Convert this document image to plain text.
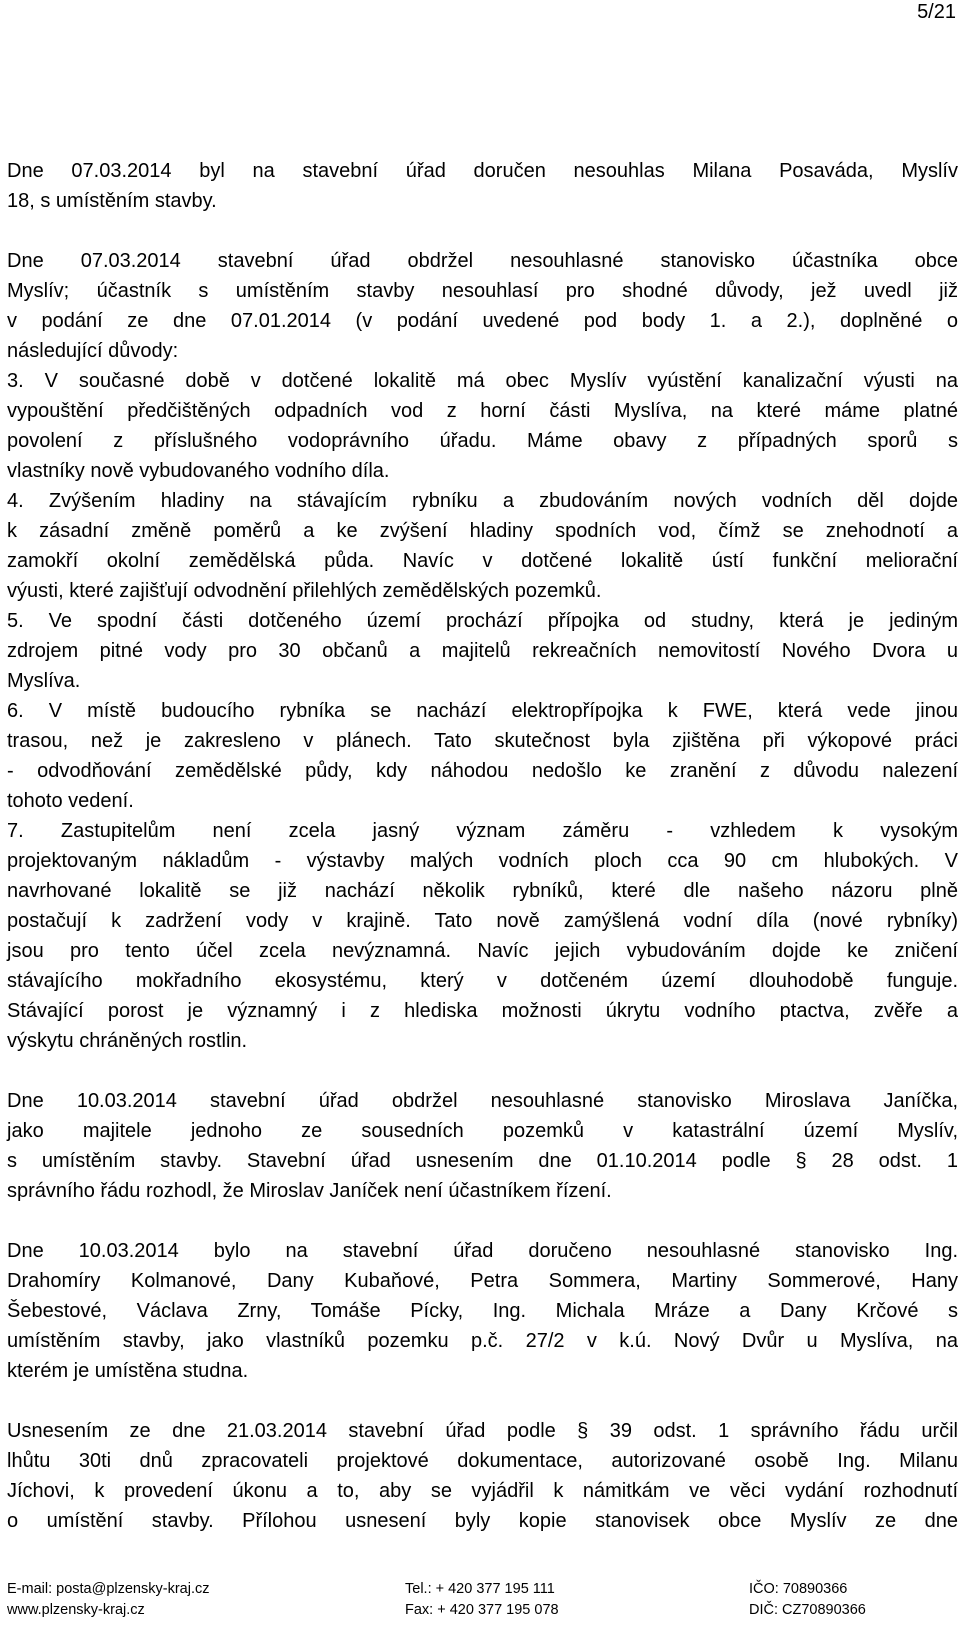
5/21
Dne 07.03.2014 byl na stavební úřad doručen nesouhlas Milana Posaváda, Myslív
18, s umístěním stavby.
Dne 07.03.2014 stavební úřad obdržel nesouhlasné stanovisko účastníka obce
Myslív; účastník s umístěním stavby nesouhlasí pro shodné důvody, jež uvedl již
v podání ze dne 07.01.2014 (v podání uvedené pod body 1. a 2.), doplněné o
následující důvody:
3. V současné době v dotčené lokalitě má obec Myslív vyústění kanalizační výusti na
vypouštění předčištěných odpadních vod z horní části Myslíva, na které máme platné
povolení z příslušného vodoprávního úřadu. Máme obavy z případných sporů s
vlastníky nově vybudovaného vodního díla.
4. Zvýšením hladiny na stávajícím rybníku a zbudováním nových vodních děl dojde
k zásadní změně poměrů a ke zvýšení hladiny spodních vod, čímž se znehodnotí a
zamokří okolní zemědělská půda. Navíc v dotčené lokalitě ústí funkční meliorační
výusti, které zajišťují odvodnění přilehlých zemědělských pozemků.
5. Ve spodní části dotčeného území prochází přípojka od studny, která je jediným
zdrojem pitné vody pro 30 občanů a majitelů rekreačních nemovitostí Nového Dvora u
Myslíva.
6. V místě budoucího rybníka se nachází elektropřípojka k FWE, která vede jinou
trasou, než je zakresleno v plánech. Tato skutečnost byla zjištěna při výkopové práci
- odvodňování zemědělské půdy, kdy náhodou nedošlo ke zranění z důvodu nalezení
tohoto vedení.
7. Zastupitelům není zcela jasný význam záměru - vzhledem k vysokým
projektovaným nákladům - výstavby malých vodních ploch cca 90 cm hlubokých. V
navrhované lokalitě se již nachází několik rybníků, které dle našeho názoru plně
postačují k zadržení vody v krajině. Tato nově zamýšlená vodní díla (nové rybníky)
jsou pro tento účel zcela nevýznamná. Navíc jejich vybudováním dojde ke zničení
stávajícího mokřadního ekosystému, který v dotčeném území dlouhodobě funguje.
Stávající porost je významný i z hlediska možnosti úkrytu vodního ptactva, zvěře a
výskytu chráněných rostlin.
Dne 10.03.2014 stavební úřad obdržel nesouhlasné stanovisko Miroslava Janíčka,
jako majitele jednoho ze sousedních pozemků v katastrální území Myslív,
s umístěním stavby. Stavební úřad usnesením dne 01.10.2014 podle § 28 odst. 1
správního řádu rozhodl, že Miroslav Janíček není účastníkem řízení.
Dne 10.03.2014 bylo na stavební úřad doručeno nesouhlasné stanovisko Ing.
Drahomíry Kolmanové, Dany Kubaňové, Petra Sommera, Martiny Sommerové, Hany
Šebestové, Václava Zrny, Tomáše Pícky, Ing. Michala Mráze a Dany Krčové s
umístěním stavby, jako vlastníků pozemku p.č. 27/2 v k.ú. Nový Dvůr u Myslíva, na
kterém je umístěna studna.
Usnesením ze dne 21.03.2014 stavební úřad podle § 39 odst. 1 správního řádu určil
lhůtu 30ti dnů zpracovateli projektové dokumentace, autorizované osobě Ing. Milanu
Jíchovi, k provedení úkonu a to, aby se vyjádřil k námitkám ve věci vydání rozhodnutí
o umístění stavby. Přílohou usnesení byly kopie stanovisek obce Myslív ze dne
E-mail: posta@plzensky-kraj.cz
www.plzensky-kraj.cz
Tel.: + 420 377 195 111
Fax: + 420 377 195 078
IČO: 70890366
DIČ: CZ70890366
